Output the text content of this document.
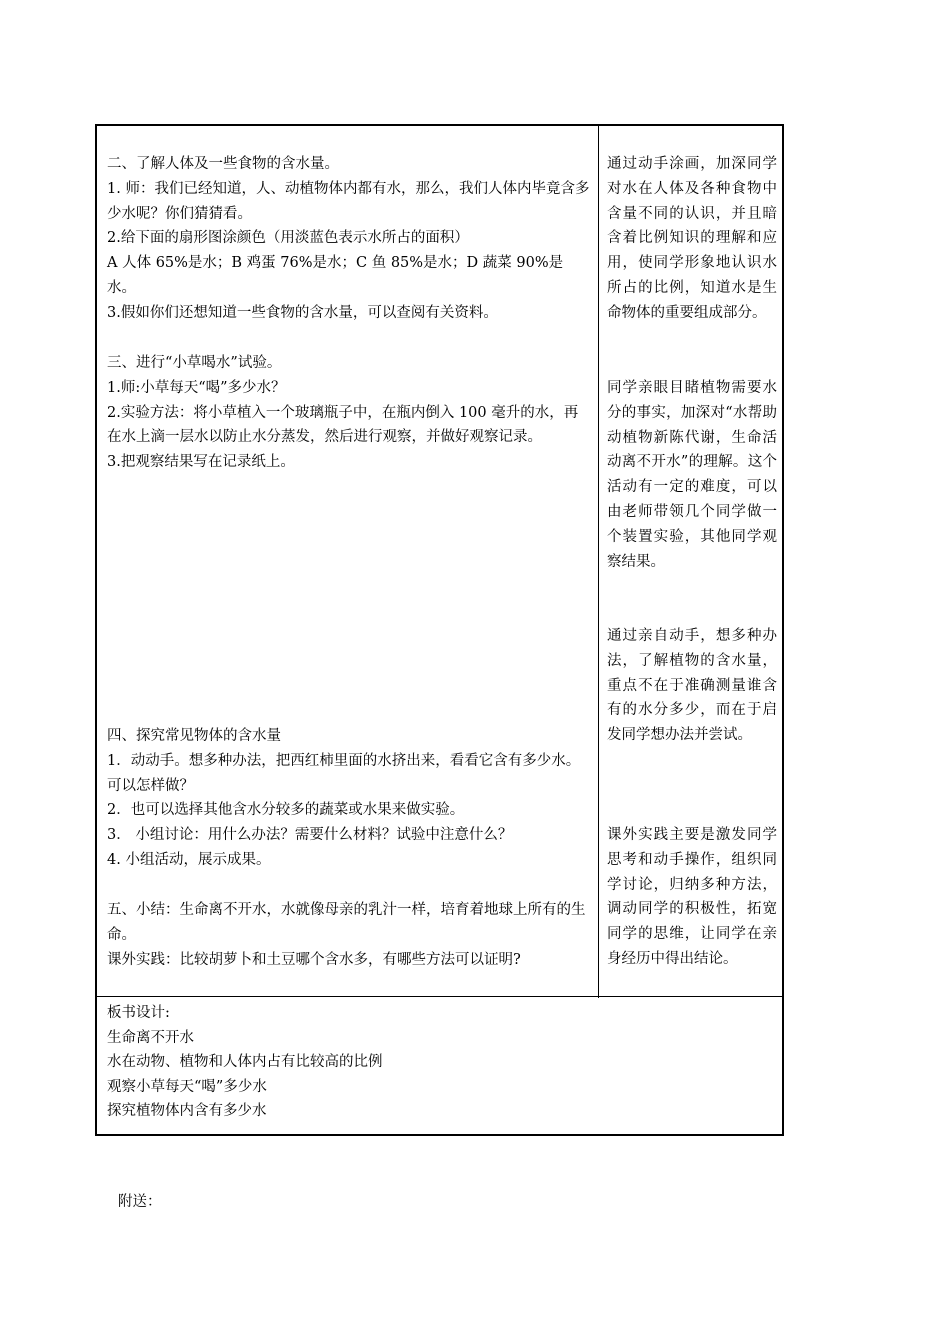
二、了解人体及一些食物的含水量。

1. 师：我们已经知道，人、动植物体内都有水，那么，我们人体内毕竟含多少水呢？你们猜猜看。

2.给下面的扇形图涂颜色（用淡蓝色表示水所占的面积）

A 人体 65%是水；B 鸡蛋 76%是水；C 鱼 85%是水；D 蔬菜 90%是水。

3.假如你们还想知道一些食物的含水量，可以查阅有关资料。

三、进行“小草喝水”试验。

1.师:小草每天“喝”多少水？

2.实验方法：将小草植入一个玻璃瓶子中，在瓶内倒入 100 毫升的水，再在水上滴一层水以防止水分蒸发，然后进行观察，并做好观察记录。

3.把观察结果写在记录纸上。

四、探究常见物体的含水量

1．动动手。想多种办法，把西红柿里面的水挤出来，看看它含有多少水。可以怎样做？

2．也可以选择其他含水分较多的蔬菜或水果来做实验。

3． 小组讨论：用什么办法？需要什么材料？试验中注意什么？

4. 小组活动，展示成果。

五、小结：生命离不开水，水就像母亲的乳汁一样，培育着地球上所有的生命。

课外实践：比较胡萝卜和土豆哪个含水多，有哪些方法可以证明?

通过动手涂画，加深同学对水在人体及各种食物中含量不同的认识，并且暗含着比例知识的理解和应用，使同学形象地认识水所占的比例，知道水是生命物体的重要组成部分。
同学亲眼目睹植物需要水分的事实，加深对“水帮助动植物新陈代谢，生命活动离不开水”的理解。这个活动有一定的难度，可以由老师带领几个同学做一个装置实验，其他同学观察结果。
通过亲自动手，想多种办法，了解植物的含水量，重点不在于准确测量谁含有的水分多少，而在于启发同学想办法并尝试。
课外实践主要是激发同学思考和动手操作，组织同学讨论，归纳多种方法，调动同学的积极性，拓宽同学的思维，让同学在亲身经历中得出结论。
板书设计:
生命离不开水
水在动物、植物和人体内占有比较高的比例
观察小草每天“喝”多少水
探究植物体内含有多少水
附送：
